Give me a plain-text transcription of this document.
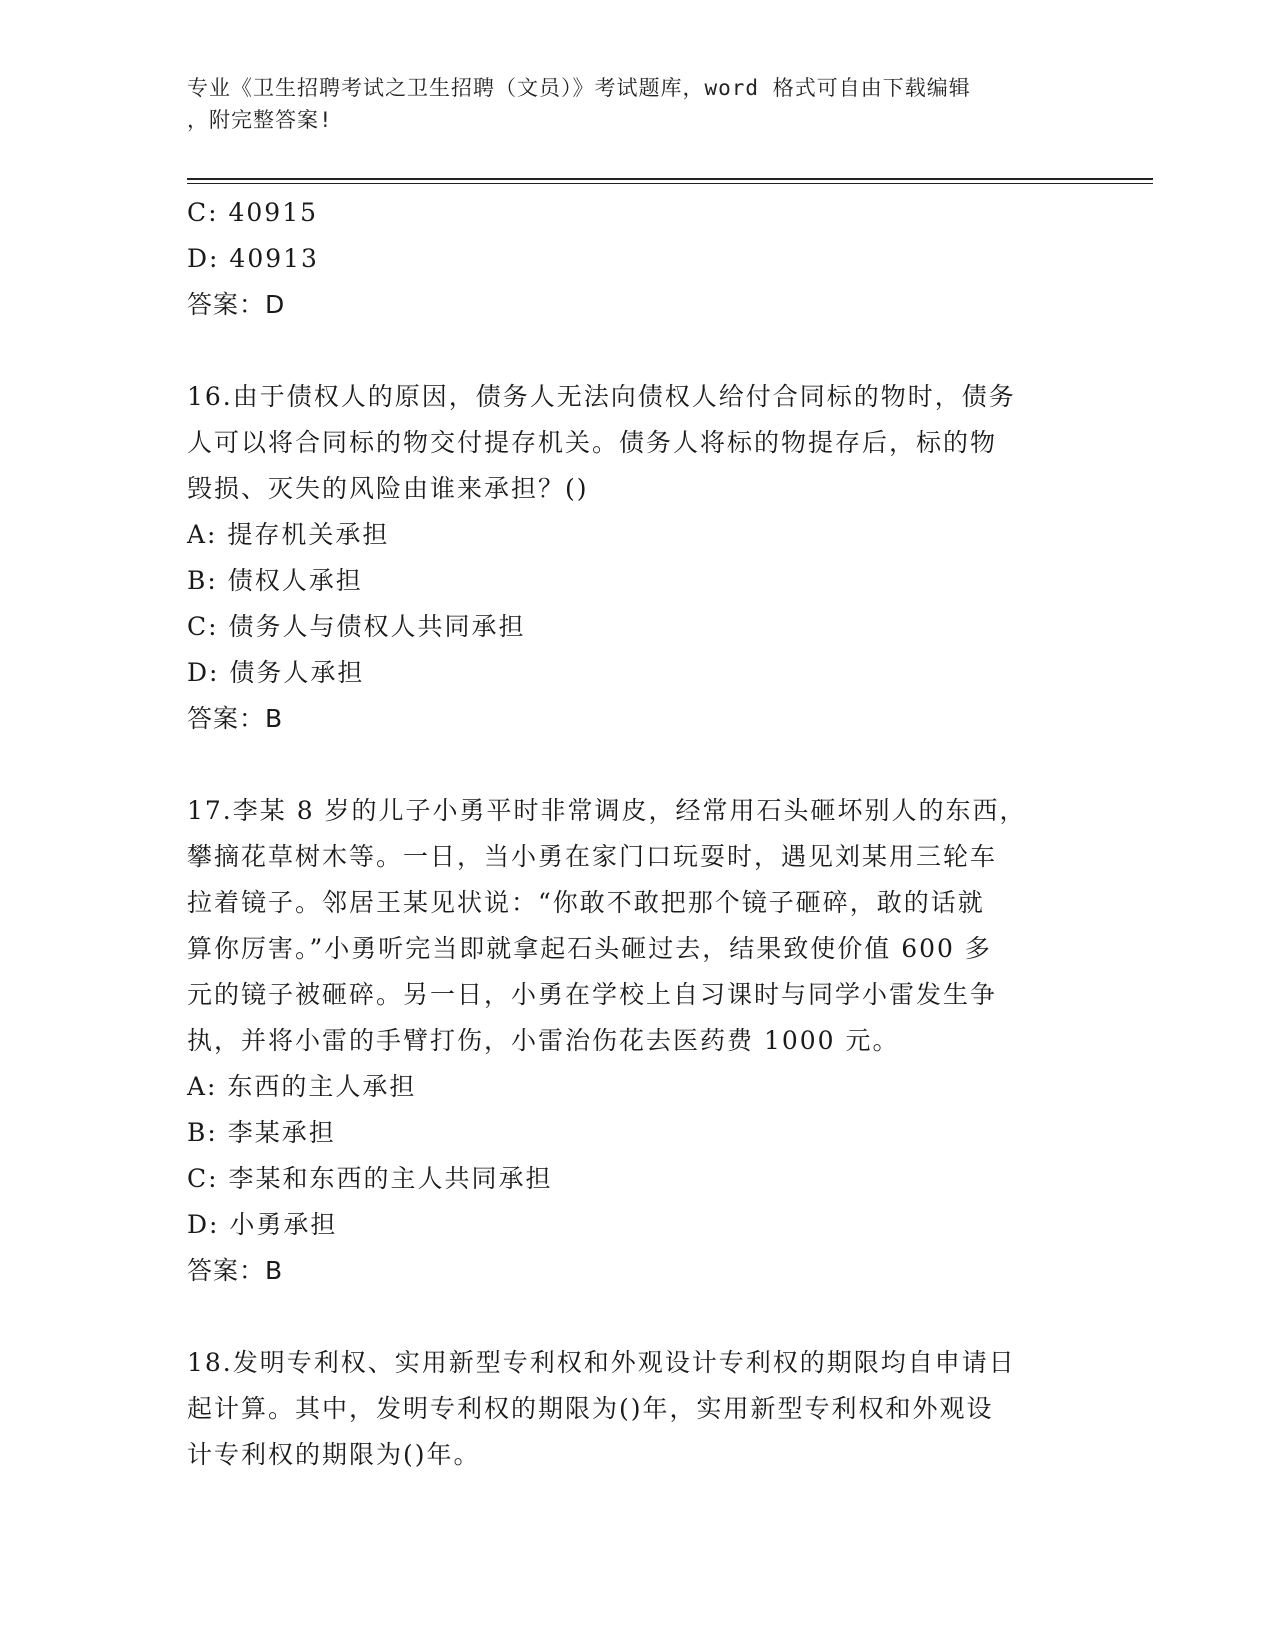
专业《卫生招聘考试之卫生招聘（文员）》考试题库，word 格式可自由下载编辑
，附完整答案!

C: 40915

D: 40913

答案：D

16.由于债权人的原因，债务人无法向债权人给付合同标的物时，债务

人可以将合同标的物交付提存机关。债务人将标的物提存后，标的物

毁损、灭失的风险由谁来承担？()

A: 提存机关承担

B: 债权人承担

C: 债务人与债权人共同承担

D: 债务人承担

答案：B

17.李某 8 岁的儿子小勇平时非常调皮，经常用石头砸坏别人的东西，

攀摘花草树木等。一日，当小勇在家门口玩耍时，遇见刘某用三轮车

拉着镜子。邻居王某见状说：“你敢不敢把那个镜子砸碎，敢的话就

算你厉害。”小勇听完当即就拿起石头砸过去，结果致使价值 600 多

元的镜子被砸碎。另一日，小勇在学校上自习课时与同学小雷发生争

执，并将小雷的手臂打伤，小雷治伤花去医药费 1000 元。

A: 东西的主人承担

B: 李某承担

C: 李某和东西的主人共同承担

D: 小勇承担

答案：B

18.发明专利权、实用新型专利权和外观设计专利权的期限均自申请日

起计算。其中，发明专利权的期限为()年，实用新型专利权和外观设

计专利权的期限为()年。
